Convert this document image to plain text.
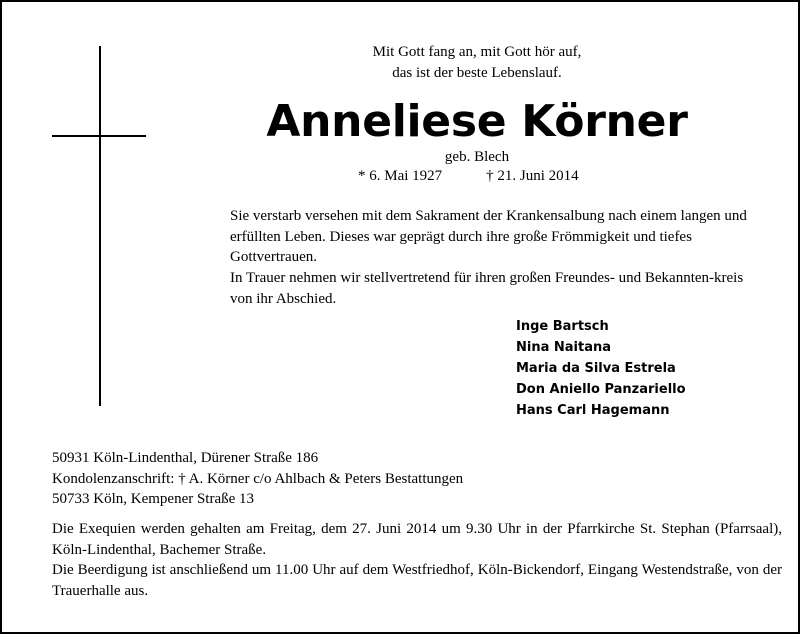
Mit Gott fang an, mit Gott hör auf,
das ist der beste Lebenslauf.
Anneliese Körner
geb. Blech
* 6. Mai 1927	† 21. Juni 2014
Sie verstarb versehen mit dem Sakrament der Krankensalbung nach einem langen und erfüllten Leben. Dieses war geprägt durch ihre große Frömmigkeit und tiefes Gottvertrauen.
In Trauer nehmen wir stellvertretend für ihren großen Freundes- und Bekannten-kreis von ihr Abschied.
Inge Bartsch
Nina Naitana
Maria da Silva Estrela
Don Aniello Panzariello
Hans Carl Hagemann
50931 Köln-Lindenthal, Dürener Straße 186
Kondolenzanschrift: † A. Körner c/o Ahlbach & Peters Bestattungen
50733 Köln, Kempener Straße 13
Die Exequien werden gehalten am Freitag, dem 27. Juni 2014 um 9.30 Uhr in der Pfarrkirche St. Stephan (Pfarrsaal), Köln-Lindenthal, Bachemer Straße.
Die Beerdigung ist anschließend um 11.00 Uhr auf dem Westfriedhof, Köln-Bickendorf, Eingang Westendstraße, von der Trauerhalle aus.
